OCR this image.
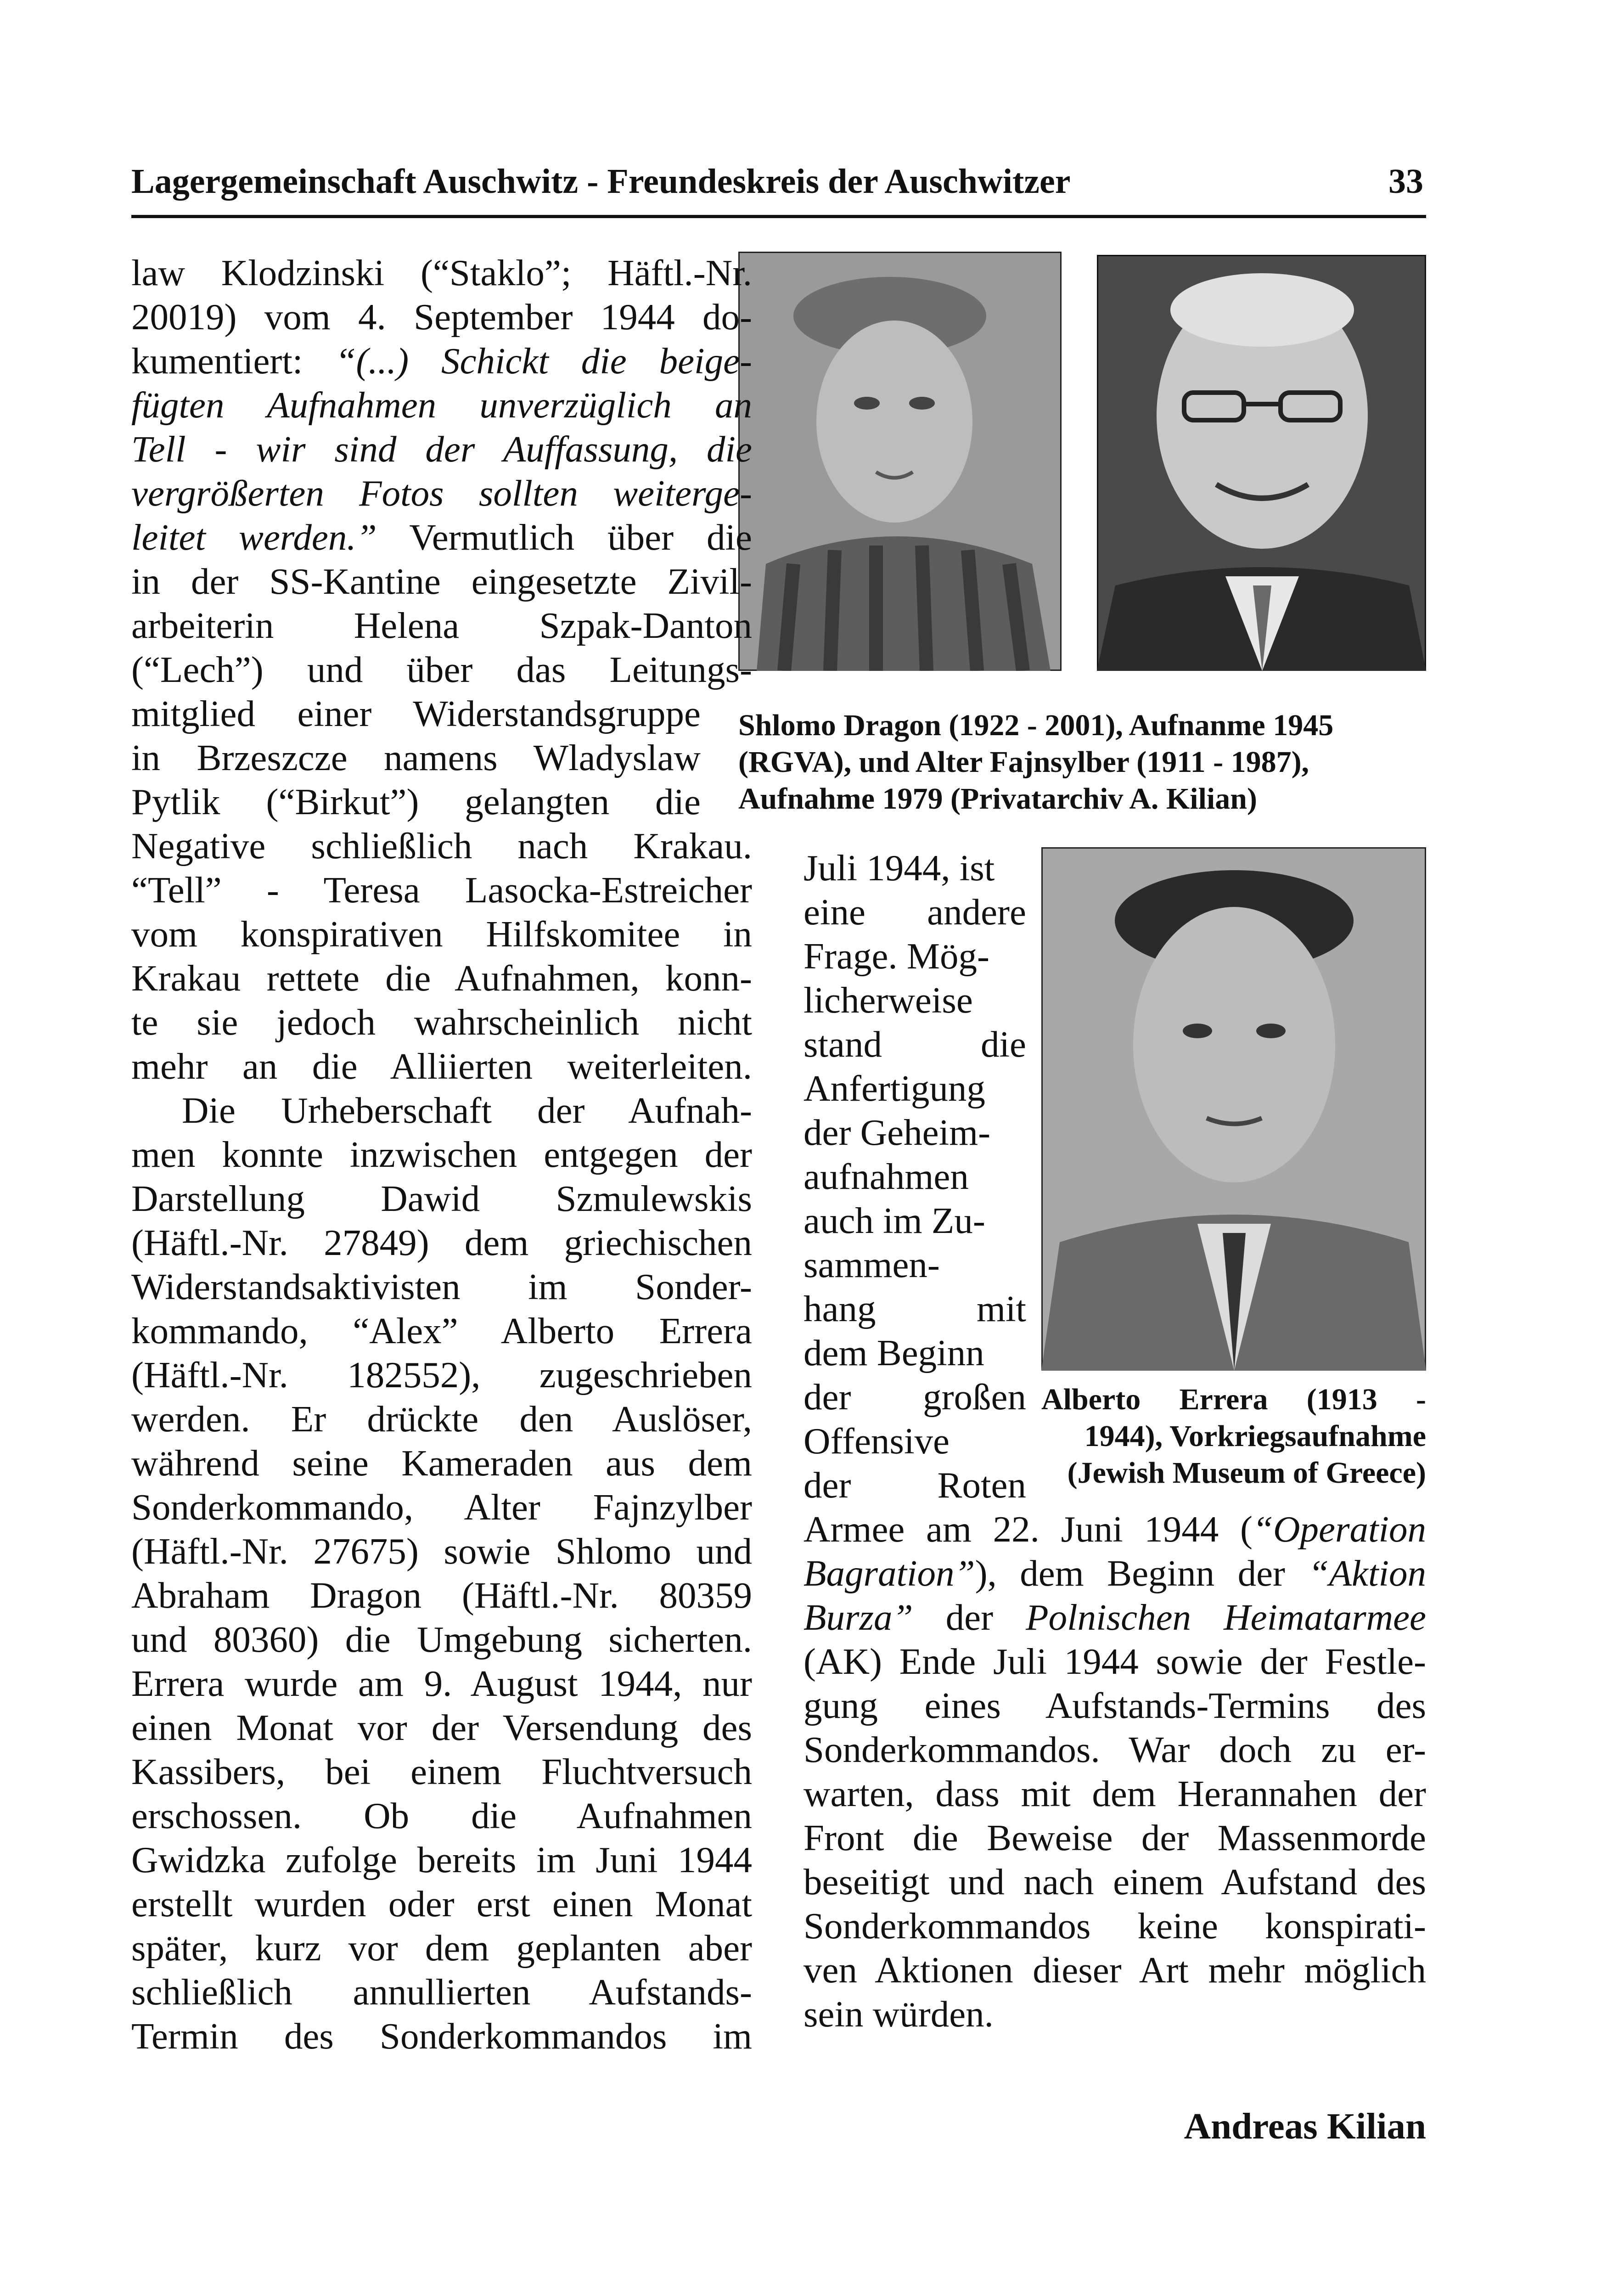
Lagergemeinschaft Auschwitz - Freundeskreis der Auschwitzer	33
Shlomo Dragon (1922 - 2001), Aufnanme 1945
(RGVA), und Alter Fajnsylber (1911 - 1987),
Aufnahme 1979 (Privatarchiv A. Kilian)
Alberto Errera (1913 -
1944), Vorkriegsaufnahme
(Jewish Museum of Greece)
law Klodzinski (“Staklo”; Häftl.-Nr.
20019) vom 4. September 1944 do-
kumentiert: “(...) Schickt die beige-
fügten Aufnahmen unverzüglich an
Tell - wir sind der Auffassung, die
vergrößerten Fotos sollten weiterge-
leitet werden.” Vermutlich über die
in der SS-Kantine eingesetzte Zivil-
arbeiterin Helena Szpak-Danton
(“Lech”) und über das Leitungs-
mitglied einer Widerstandsgruppe
in Brzeszcze namens Wladyslaw
Pytlik (“Birkut”) gelangten die
Negative schließlich nach Krakau.
“Tell” - Teresa Lasocka-Estreicher
vom konspirativen Hilfskomitee in
Krakau rettete die Aufnahmen, konn-
te sie jedoch wahrscheinlich nicht
mehr an die Alliierten weiterleiten.
Die Urheberschaft der Aufnah-
men konnte inzwischen entgegen der
Darstellung Dawid Szmulewskis
(Häftl.-Nr. 27849) dem griechischen
Widerstandsaktivisten im Sonder-
kommando, “Alex” Alberto Errera
(Häftl.-Nr. 182552), zugeschrieben
werden. Er drückte den Auslöser,
während seine Kameraden aus dem
Sonderkommando, Alter Fajnzylber
(Häftl.-Nr. 27675) sowie Shlomo und
Abraham Dragon (Häftl.-Nr. 80359
und 80360) die Umgebung sicherten.
Errera wurde am 9. August 1944, nur
einen Monat vor der Versendung des
Kassibers, bei einem Fluchtversuch
erschossen. Ob die Aufnahmen
Gwidzka zufolge bereits im Juni 1944
erstellt wurden oder erst einen Monat
später, kurz vor dem geplanten aber
schließlich annullierten Aufstands-
Termin des Sonderkommandos im
Juli 1944, ist
eine andere
Frage. Mög-
licherweise
stand die
Anfertigung
der Geheim-
aufnahmen
auch im Zu-
sammen-
hang mit
dem Beginn
der großen
Offensive
der Roten
Armee am 22. Juni 1944 (“Operation
Bagration”), dem Beginn der “Aktion
Burza” der Polnischen Heimatarmee
(AK) Ende Juli 1944 sowie der Festle-
gung eines Aufstands-Termins des
Sonderkommandos. War doch zu er-
warten, dass mit dem Herannahen der
Front die Beweise der Massenmorde
beseitigt und nach einem Aufstand des
Sonderkommandos keine konspirati-
ven Aktionen dieser Art mehr möglich
sein würden.
Andreas Kilian
